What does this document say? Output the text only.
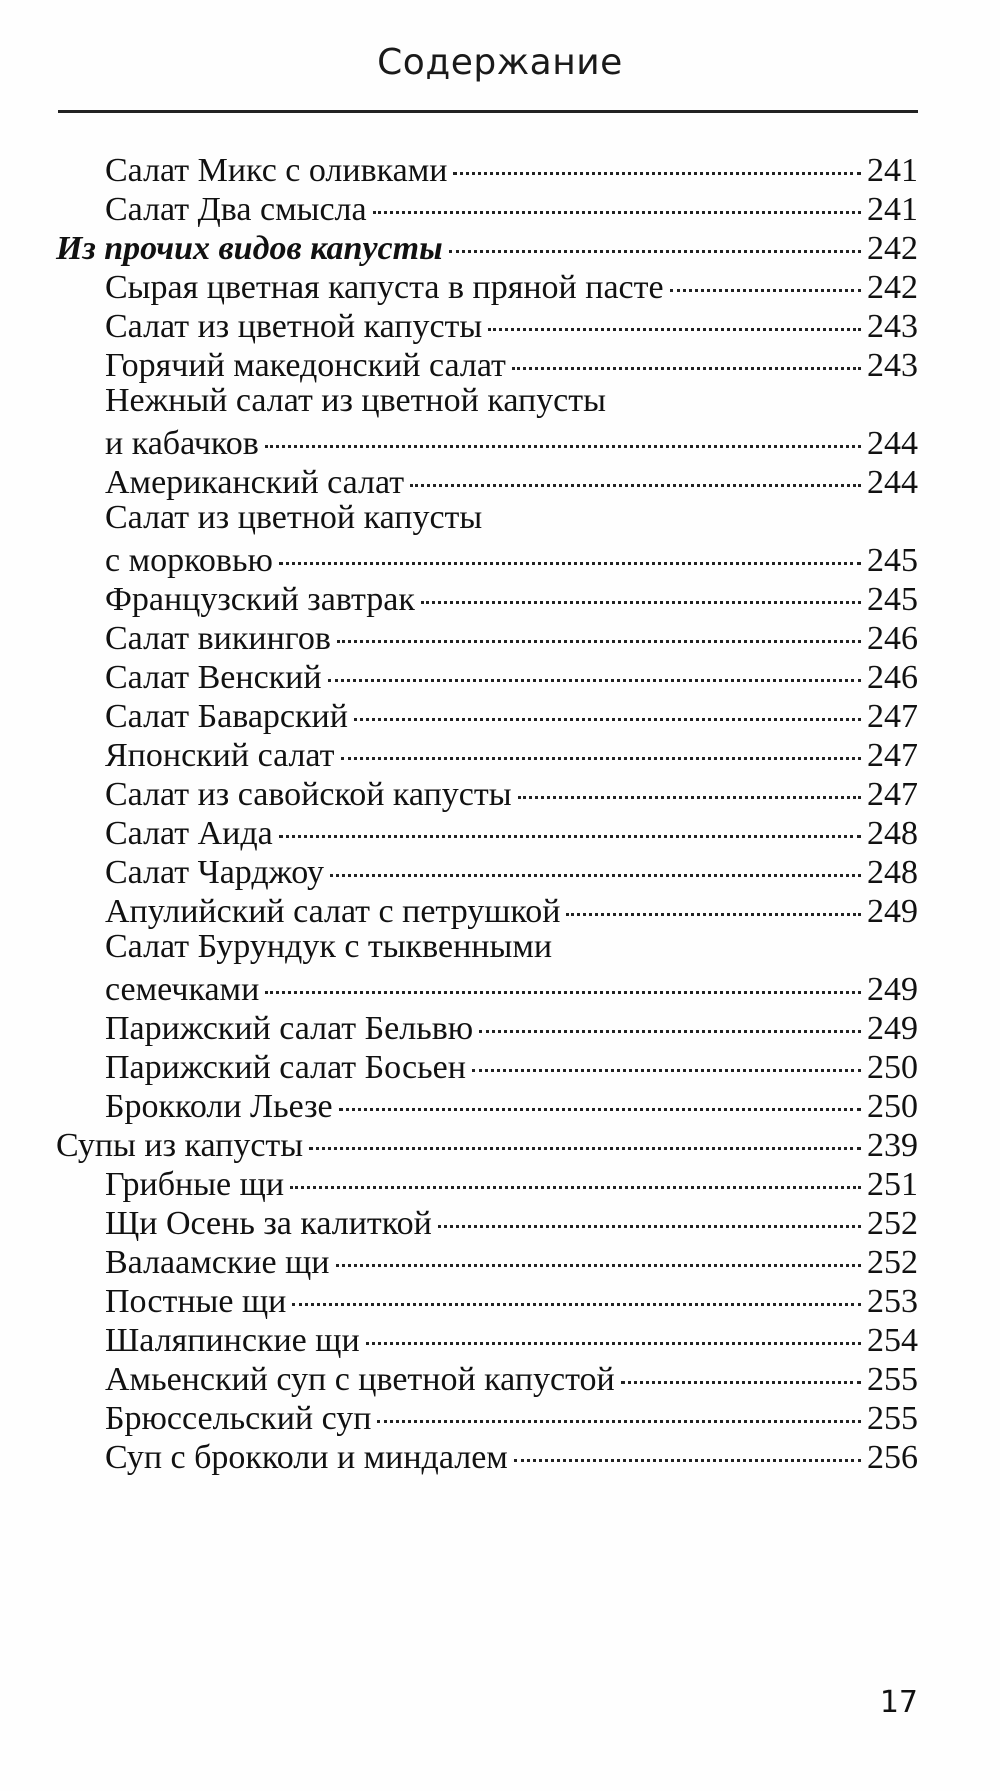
Содержание
Салат Микс с оливками	241
Салат Два смысла	241
Из прочих видов капусты	242
Сырая цветная капуста в пряной пасте	242
Салат из цветной капусты	243
Горячий македонский салат	243
Нежный салат из цветной капусты
и кабачков	244
Американский салат	244
Салат из цветной капусты
с морковью	245
Французский завтрак	245
Салат викингов	246
Салат Венский	246
Салат Баварский	247
Японский салат	247
Салат из савойской капусты	247
Салат Аида	248
Салат Чарджоу	248
Апулийский салат с петрушкой	249
Салат Бурундук с тыквенными
семечками	249
Парижский салат Бельвю	249
Парижский салат Босьен	250
Брокколи Льезе	250
Супы из капусты	239
Грибные щи	251
Щи Осень за калиткой	252
Валаамские щи	252
Постные щи	253
Шаляпинские щи	254
Амьенский суп с цветной капустой	255
Брюссельский суп	255
Суп с брокколи и миндалем	256
17
